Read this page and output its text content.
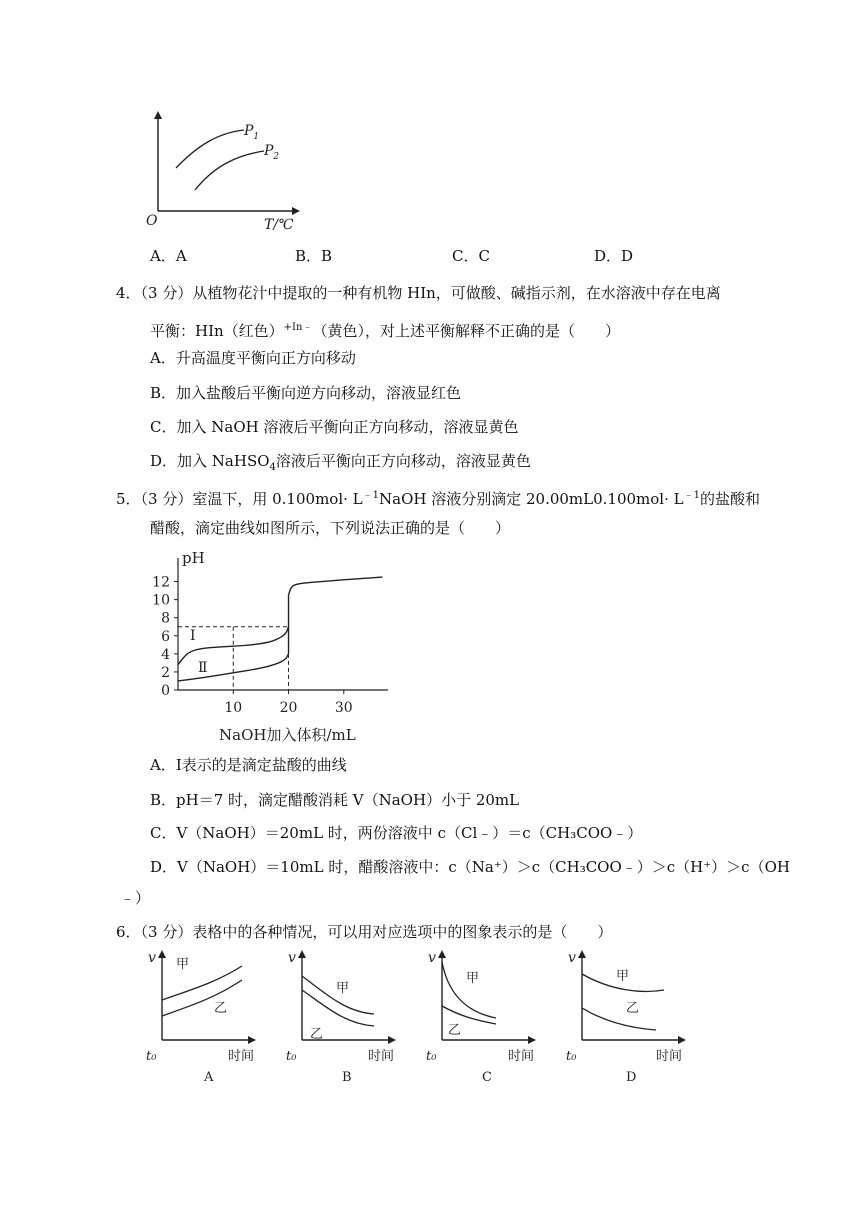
$P_1$
$P_2$
O	T/℃
A．A	B．B	C．C	D．D
4．（3 分）从植物花汁中提取的一种有机物 HIn，可做酸、碱指示剂，在水溶液中存在电离
平衡：HIn（红色）$^{+In﹣}$（黄色），对上述平衡解释不正确的是（　　）
A．升高温度平衡向正方向移动
B．加入盐酸后平衡向逆方向移动，溶液显红色
C．加入 NaOH 溶液后平衡向正方向移动，溶液显黄色
D．加入 NaHSO$_4$溶液后平衡向正方向移动，溶液显黄色
5．（3 分）室温下，用 $0.100mol\cdot L^{﹣1}NaOH$ 溶液分别滴定 $20.00mL0.100mol\cdot L^{﹣1}$的盐酸和
醋酸，滴定曲线如图所示，下列说法正确的是（　　）
pH
0
2
4
6
8
10
12
10	20	30
NaOH加入体积/mL
Ⅰ
Ⅱ
A．Ⅰ表示的是滴定盐酸的曲线
B．pH＝7 时，滴定醋酸消耗 V（NaOH）小于 20mL
C．V（NaOH）＝20mL 时，两份溶液中 c（Cl﹣）＝c（CH₃COO﹣）
D．V（NaOH）＝10mL 时，醋酸溶液中：c（Na⁺）＞c（CH₃COO﹣）＞c（H⁺）＞c（OH
﹣）
6．（3 分）表格中的各种情况，可以用对应选项中的图象表示的是（　　）
v 甲
乙
t₀	时间
A
v
甲
乙
t₀	时间
B
v
甲
乙
t₀	时间
C
v
甲
乙
t₀	时间
D
